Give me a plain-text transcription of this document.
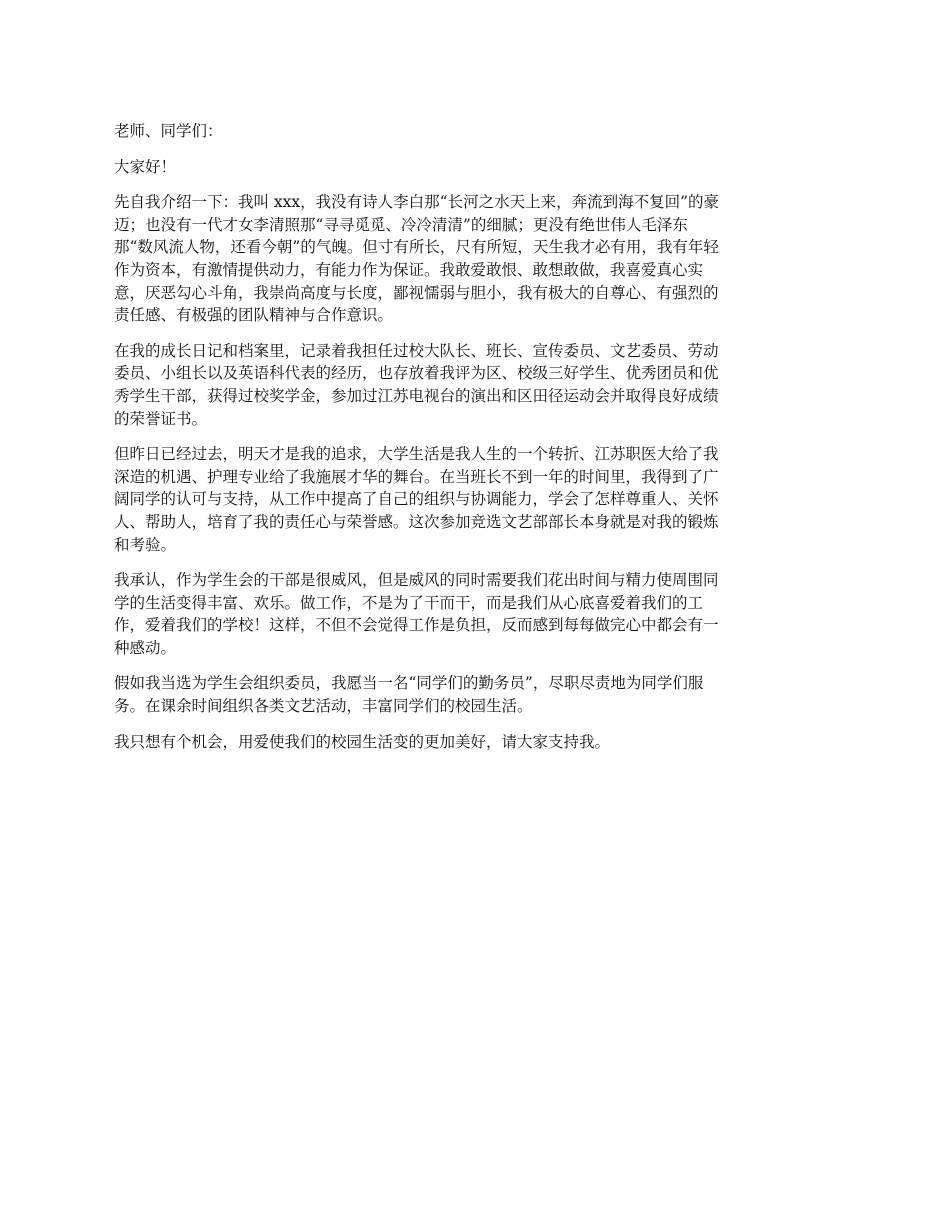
老师、同学们：

大家好！

先自我介绍一下：我叫 xxx，我没有诗人李白那“长河之水天上来，奔流到海不复回”的豪
迈；也没有一代才女李清照那“寻寻觅觅、冷冷清清”的细腻；更没有绝世伟人毛泽东
那“数风流人物，还看今朝”的气魄。但寸有所长，尺有所短，天生我才必有用，我有年轻
作为资本，有激情提供动力，有能力作为保证。我敢爱敢恨、敢想敢做，我喜爱真心实
意，厌恶勾心斗角，我崇尚高度与长度，鄙视懦弱与胆小，我有极大的自尊心、有强烈的
责任感、有极强的团队精神与合作意识。

在我的成长日记和档案里，记录着我担任过校大队长、班长、宣传委员、文艺委员、劳动
委员、小组长以及英语科代表的经历，也存放着我评为区、校级三好学生、优秀团员和优
秀学生干部，获得过校奖学金，参加过江苏电视台的演出和区田径运动会并取得良好成绩
的荣誉证书。

但昨日已经过去，明天才是我的追求，大学生活是我人生的一个转折、江苏职医大给了我
深造的机遇、护理专业给了我施展才华的舞台。在当班长不到一年的时间里，我得到了广
阔同学的认可与支持，从工作中提高了自己的组织与协调能力，学会了怎样尊重人、关怀
人、帮助人，培育了我的责任心与荣誉感。这次参加竞选文艺部部长本身就是对我的锻炼
和考验。

我承认，作为学生会的干部是很威风，但是威风的同时需要我们花出时间与精力使周围同
学的生活变得丰富、欢乐。做工作，不是为了干而干，而是我们从心底喜爱着我们的工
作，爱着我们的学校！这样，不但不会觉得工作是负担，反而感到每每做完心中都会有一
种感动。

假如我当选为学生会组织委员，我愿当一名“同学们的勤务员”，尽职尽责地为同学们服
务。在课余时间组织各类文艺活动，丰富同学们的校园生活。

我只想有个机会，用爱使我们的校园生活变的更加美好，请大家支持我。
